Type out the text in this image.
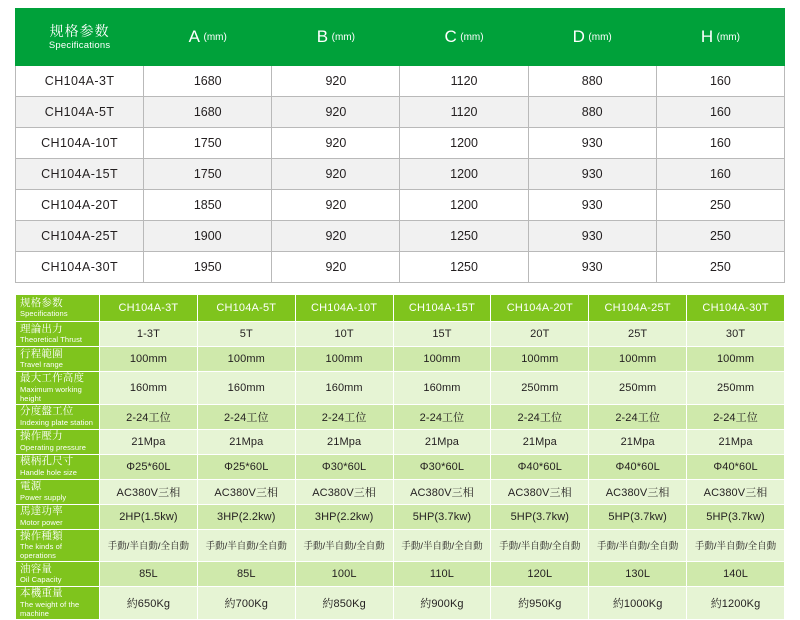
规格参数
Specifications	A (mm)	B (mm)	C (mm)	D (mm)	H (mm)
CH104A-3T	1680	920	1120	880	160
CH104A-5T	1680	920	1120	880	160
CH104A-10T	1750	920	1200	930	160
CH104A-15T	1750	920	1200	930	160
CH104A-20T	1850	920	1200	930	250
CH104A-25T	1900	920	1250	930	250
CH104A-30T	1950	920	1250	930	250
规格参数
Specifications	CH104A-3T	CH104A-5T	CH104A-10T	CH104A-15T	CH104A-20T	CH104A-25T	CH104A-30T

理論出力
Theoretical Thrust	1-3T	5T	10T	15T	20T	25T	30T

行程範圍
Travel range	100mm	100mm	100mm	100mm	100mm	100mm	100mm

最大工作高度
Maximum working height	160mm	160mm	160mm	160mm	250mm	250mm	250mm

分度盤工位
Indexing plate station	2-24工位	2-24工位	2-24工位	2-24工位	2-24工位	2-24工位	2-24工位

操作壓力
Operating pressure	21Mpa	21Mpa	21Mpa	21Mpa	21Mpa	21Mpa	21Mpa

模柄孔尺寸
Handle hole size	Φ25*60L	Φ25*60L	Φ30*60L	Φ30*60L	Φ40*60L	Φ40*60L	Φ40*60L

電源
Power supply	AC380V三相	AC380V三相	AC380V三相	AC380V三相	AC380V三相	AC380V三相	AC380V三相

馬達功率
Motor power	2HP(1.5kw)	3HP(2.2kw)	3HP(2.2kw)	5HP(3.7kw)	5HP(3.7kw)	5HP(3.7kw)	5HP(3.7kw)

操作種類
The kinds of operations	手動/半自動/全自動	手動/半自動/全自動	手動/半自動/全自動	手動/半自動/全自動	手動/半自動/全自動	手動/半自動/全自動	手動/半自動/全自動

油容量
Oil Capacity	85L	85L	100L	110L	120L	130L	140L

本機重量
The weight of the machine	約650Kg	約700Kg	約850Kg	約900Kg	約950Kg	約1000Kg	約1200Kg
